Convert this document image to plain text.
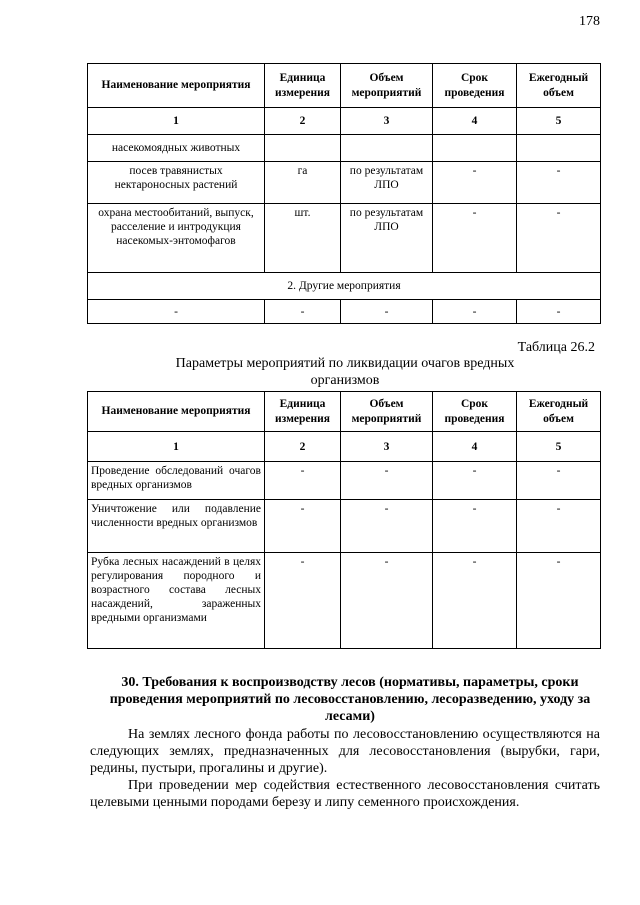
178
Наименование мероприятия	Единица измерения	Объем мероприятий	Срок проведения	Ежегодный объем
1	2	3	4	5
насекомоядных животных				
посев травянистых нектароносных растений	га	по результатам ЛПО	-	-
охрана местообитаний, выпуск, расселение и интродукция насекомых-энтомофагов	шт.	по результатам ЛПО	-	-
2. Другие мероприятия				
-	-	-	-	-
Таблица 26.2
Параметры мероприятий по ликвидации очагов вредных организмов
Наименование мероприятия	Единица измерения	Объем мероприятий	Срок проведения	Ежегодный объем
1	2	3	4	5
Проведение обследований очагов вредных организмов	-	-	-	-
Уничтожение или подавление численности вредных организмов	-	-	-	-
Рубка лесных насаждений в целях регулирования породного и возрастного состава лесных насаждений, зараженных вредными организмами	-	-	-	-
30. Требования к воспроизводству лесов (нормативы, параметры, сроки проведения мероприятий по лесовосстановлению, лесоразведению, уходу за лесами)
На землях лесного фонда работы по лесовосстановлению осуществляются на следующих землях, предназначенных для лесовосстановления (вырубки, гари, редины, пустыри, прогалины и другие).
При проведении мер содействия естественного лесовосстановления считать целевыми ценными породами березу и липу семенного происхождения.
